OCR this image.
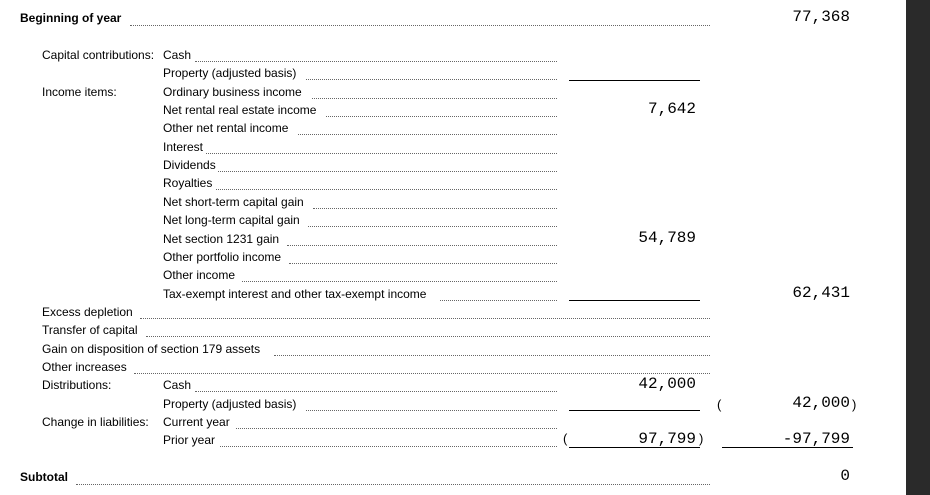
Beginning of year	77,368
Capital contributions: Cash
Property (adjusted basis)
Income items:	Ordinary business income
Net rental real estate income	7,642
Other net rental income
Interest
Dividends
Royalties
Net short-term capital gain
Net long-term capital gain
Net section 1231 gain	54,789
Other portfolio income
Other income
Tax-exempt interest and other tax-exempt income	62,431
Excess depletion
Transfer of capital
Gain on disposition of section 179 assets
Other increases
Distributions:	Cash	42,000
Property (adjusted basis)	(	42,000 )
Change in liabilities: Current year
Prior year	(	97,799 )	-97,799
Subtotal	0
